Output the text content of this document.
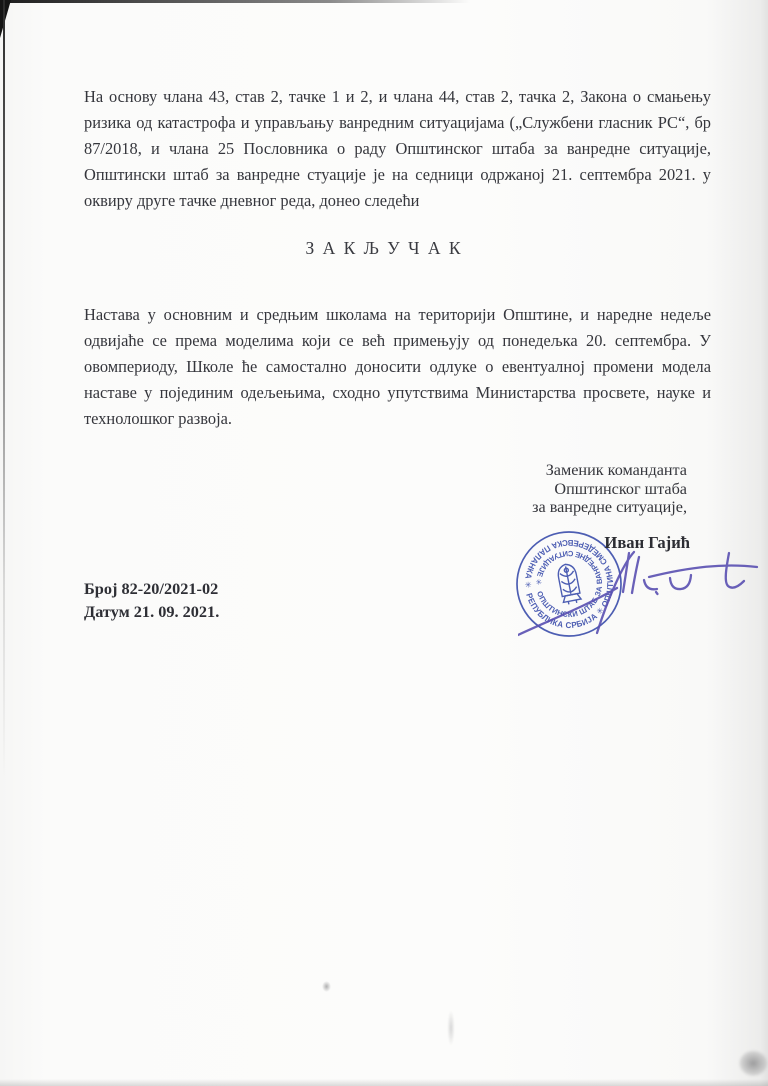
На основу члана 43, став 2, тачке 1 и 2, и члана 44, став 2, тачка 2, Закона о смањењу
ризика од катастрофа и управљању ванредним ситуацијама („Службени гласник РС“, бр
87/2018, и члана 25 Пословника о раду Општинског штаба за ванредне ситуације,
Општински штаб за ванредне стуације је на седници одржаној 21. септембра 2021. у
оквиру друге тачке дневног реда, донео следећи
З А К Љ У Ч А К
Настава у основним и средњим школама на територији Општине, и наредне недеље
одвијаће се према моделима који се већ примењују од понедељка 20. септембра. У
овомпериоду, Школе ће самостално доносити одлуке о евентуалној промени модела
наставе у појединим одељењима, сходно упутствима Министарства просвете, науке и
технолошког развоја.
Заменик команданта
Општинског штаба
за ванредне ситуације,
Иван Гајић
РЕПУБЛИКА СРБИЈА ✳ ОПШТИНА СМЕДЕРЕВСКА ПАЛАНКА ✳
ОПШТИНСКИ ШТАБ ЗА ВАНРЕДНЕ СИТУАЦИЈЕ ✳
Број 82-20/2021-02
Датум 21. 09. 2021.
